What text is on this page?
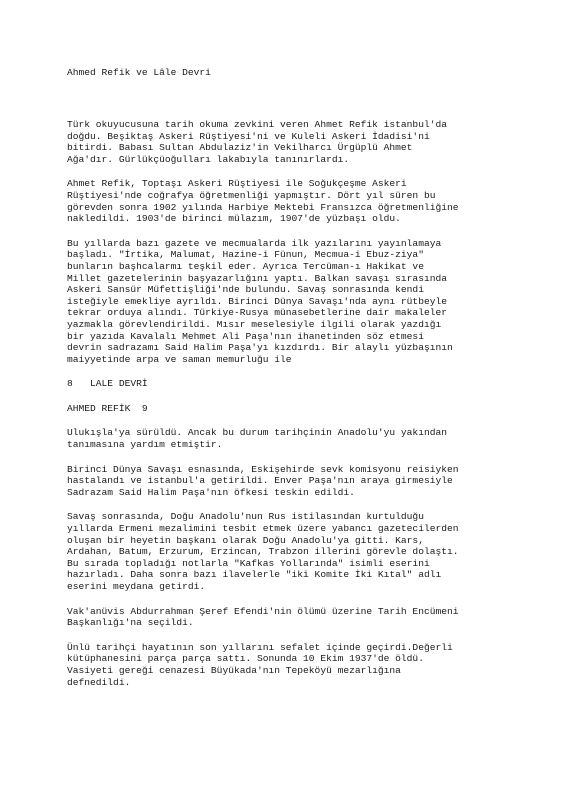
Ahmed Refik ve Lâle Devri

Türk okuyucusuna tarih okuma zevkini veren Ahmet Refik istanbul'da
doğdu. Beşiktaş Askeri Rüştiyesi'ni ve Kuleli Askeri İdadisi'ni
bitirdi. Babası Sultan Abdulaziz'in Vekilharcı Ürgüplü Ahmet
Ağa'dır. Gürlükçüoğulları lakabıyla tanınırlardı.

Ahmet Refik, Toptaşı Askeri Rüştiyesi ile Soğukçeşme Askeri
Rüştiyesi'nde coğrafya öğretmenliği yapmıştır. Dört yıl süren bu
görevden sonra 1902 yılında Harbiye Mektebi Fransızca öğretmenliğine
nakledildi. 1903'de birinci mülazım, 1907'de yüzbaşı oldu.

Bu yıllarda bazı gazete ve mecmualarda ilk yazılarını yayınlamaya
başladı. "İrtika, Malumat, Hazine-i Fünun, Mecmua-i Ebuz-ziya"
bunların başhcalarmı teşkil eder. Ayrıca Tercüman-ı Hakikat ve
Millet gazetelerinin başyazarlığını yaptı. Balkan savaşı sırasında
Askeri Sansür Müfettişliği'nde bulundu. Savaş sonrasında kendi
isteğiyle emekliye ayrıldı. Birinci Dünya Savaşı'nda aynı rütbeyle
tekrar orduya alındı. Türkiye-Rusya münasebetlerine dair makaleler
yazmakla görevlendirildi. Mısır meselesiyle ilgili olarak yazdığı
bir yazıda Kavalalı Mehmet Ali Paşa'nın ihanetinden söz etmesi
devrin sadrazamı Said Halim Paşa'yı kızdırdı. Bir alaylı yüzbaşının
maiyyetinde arpa ve saman memurluğu ile

8   LALE DEVRİ

AHMED REFİK  9

Ulukışla'ya sürüldü. Ancak bu durum tarihçinin Anadolu'yu yakından
tanımasına yardım etmiştir.

Birinci Dünya Savaşı esnasında, Eskişehirde sevk komisyonu reisiyken
hastalandı ve istanbul'a getirildi. Enver Paşa'nın araya girmesiyle
Sadrazam Said Halim Paşa'nın öfkesi teskin edildi.

Savaş sonrasında, Doğu Anadolu'nun Rus istilasından kurtulduğu
yıllarda Ermeni mezalimini tesbit etmek üzere yabancı gazetecilerden
oluşan bir heyetin başkanı olarak Doğu Anadolu'ya gitti. Kars,
Ardahan, Batum, Erzurum, Erzincan, Trabzon illerini görevle dolaştı.
Bu sırada topladığı notlarla "Kafkas Yollarında" isimli eserini
hazırladı. Daha sonra bazı ilavelerle "iki Komite İki Kıtal" adlı
eserini meydana getirdi.

Vak'anüvis Abdurrahman Şeref Efendi'nin ölümü üzerine Tarih Encümeni
Başkanlığı'na seçildi.

Ünlü tarihçi hayatının son yıllarını sefalet içinde geçirdi.Değerli
kütüphanesini parça parça sattı. Sonunda 10 Ekim 1937'de öldü.
Vasiyeti gereği cenazesi Büyükada'nın Tepeköyü mezarlığına
defnedildi.
